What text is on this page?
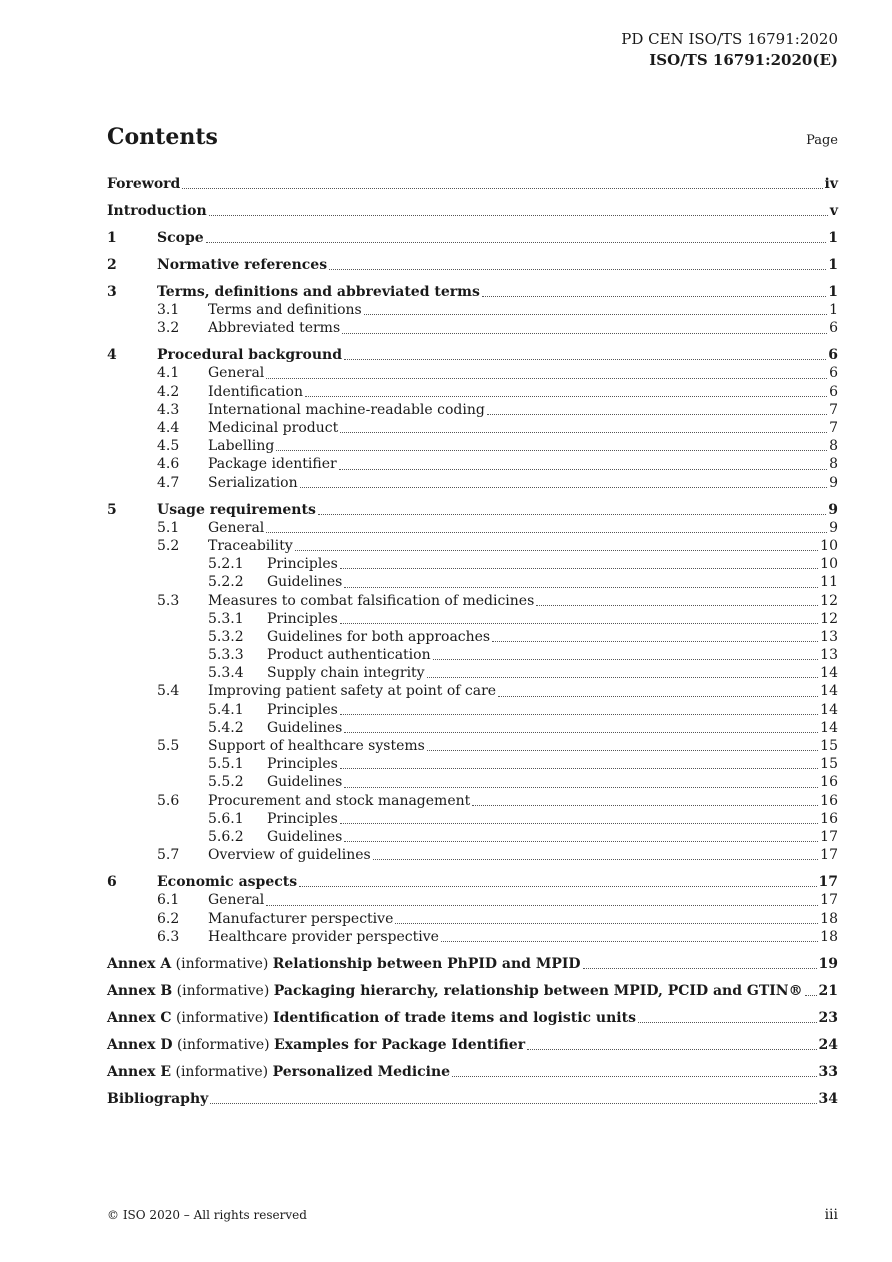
PD CEN ISO/TS 16791:2020
ISO/TS 16791:2020(E)
Contents	Page
Foreword	iv
Introduction	v
1	Scope	1
2	Normative references	1
3	Terms, definitions and abbreviated terms	1
3.1	Terms and definitions	1
3.2	Abbreviated terms	6
4	Procedural background	6
4.1	General	6
4.2	Identification	6
4.3	International machine-readable coding	7
4.4	Medicinal product	7
4.5	Labelling	8
4.6	Package identifier	8
4.7	Serialization	9
5	Usage requirements	9
5.1	General	9
5.2	Traceability	10
5.2.1	Principles	10
5.2.2	Guidelines	11
5.3	Measures to combat falsification of medicines	12
5.3.1	Principles	12
5.3.2	Guidelines for both approaches	13
5.3.3	Product authentication	13
5.3.4	Supply chain integrity	14
5.4	Improving patient safety at point of care	14
5.4.1	Principles	14
5.4.2	Guidelines	14
5.5	Support of healthcare systems	15
5.5.1	Principles	15
5.5.2	Guidelines	16
5.6	Procurement and stock management	16
5.6.1	Principles	16
5.6.2	Guidelines	17
5.7	Overview of guidelines	17
6	Economic aspects	17
6.1	General	17
6.2	Manufacturer perspective	18
6.3	Healthcare provider perspective	18
Annex A (informative) Relationship between PhPID and MPID	19
Annex B (informative) Packaging hierarchy, relationship between MPID, PCID and GTIN® 21
Annex C (informative) Identification of trade items and logistic units	23
Annex D (informative) Examples for Package Identifier	24
Annex E (informative) Personalized Medicine	33
Bibliography	34
© ISO 2020 – All rights reserved	iii
